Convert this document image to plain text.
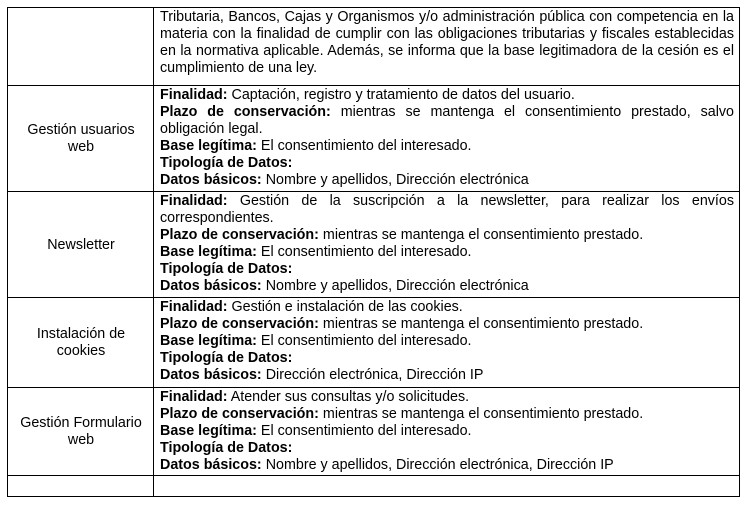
	Tributaria, Bancos, Cajas y Organismos y/o administración pública con competencia en la materia con la finalidad de cumplir con las obligaciones tributarias y fiscales establecidas en la normativa aplicable. Además, se informa que la base legitimadora de la cesión es el cumplimiento de una ley.
Gestión usuarios web	Finalidad: Captación, registro y tratamiento de datos del usuario.
Plazo de conservación: mientras se mantenga el consentimiento prestado, salvo obligación legal.
Base legítima: El consentimiento del interesado.
Tipología de Datos:
Datos básicos: Nombre y apellidos, Dirección electrónica

Newsletter	Finalidad: Gestión de la suscripción a la newsletter, para realizar los envíos correspondientes.
Plazo de conservación: mientras se mantenga el consentimiento prestado.
Base legítima: El consentimiento del interesado.
Tipología de Datos:
Datos básicos: Nombre y apellidos, Dirección electrónica

Instalación de cookies	Finalidad: Gestión e instalación de las cookies.
Plazo de conservación: mientras se mantenga el consentimiento prestado.
Base legítima: El consentimiento del interesado.
Tipología de Datos:
Datos básicos: Dirección electrónica, Dirección IP

Gestión Formulario web	Finalidad: Atender sus consultas y/o solicitudes.
Plazo de conservación: mientras se mantenga el consentimiento prestado.
Base legítima: El consentimiento del interesado.
Tipología de Datos:
Datos básicos: Nombre y apellidos, Dirección electrónica, Dirección IP
